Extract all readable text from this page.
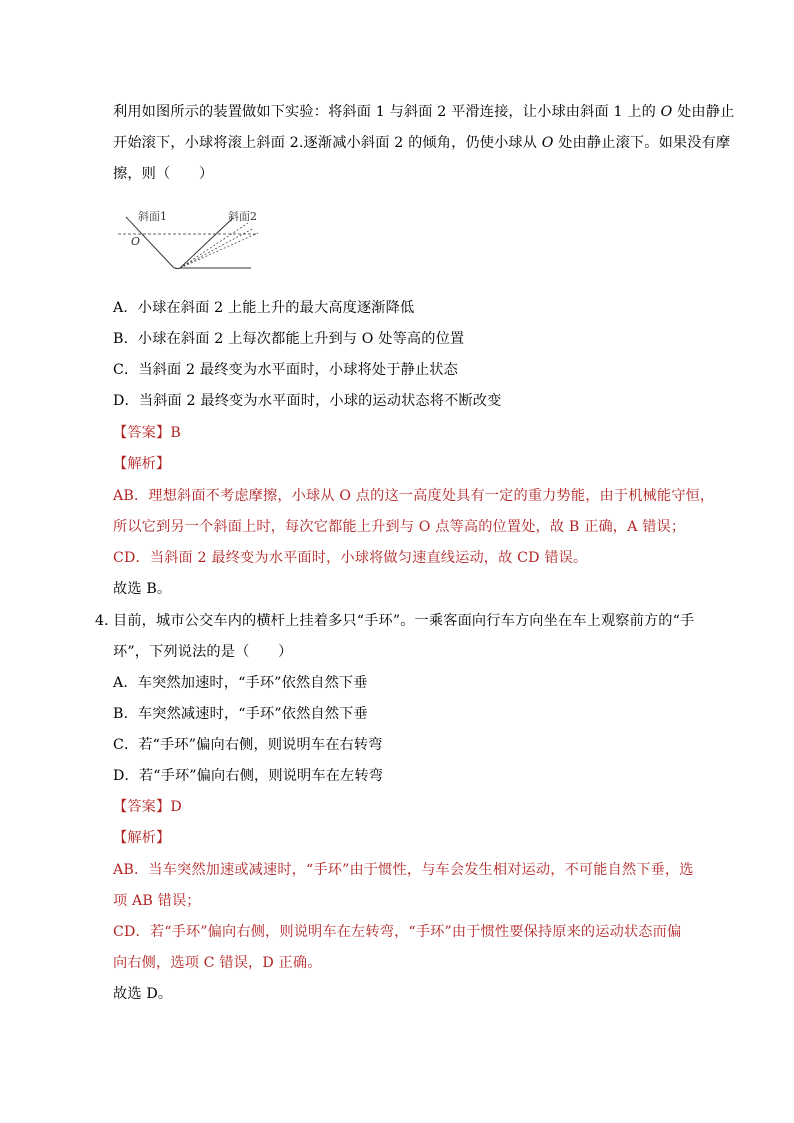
利用如图所示的装置做如下实验：将斜面 1 与斜面 2 平滑连接，让小球由斜面 1 上的 O 处由静止
开始滚下，小球将滚上斜面 2.逐渐减小斜面 2 的倾角，仍使小球从 O 处由静止滚下。如果没有摩
擦，则（　　）
斜面1	斜面2
O
A．小球在斜面 2 上能上升的最大高度逐渐降低
B．小球在斜面 2 上每次都能上升到与 O 处等高的位置
C．当斜面 2 最终变为水平面时，小球将处于静止状态
D．当斜面 2 最终变为水平面时，小球的运动状态将不断改变
【答案】B
【解析】
AB．理想斜面不考虑摩擦，小球从 O 点的这一高度处具有一定的重力势能，由于机械能守恒，
所以它到另一个斜面上时，每次它都能上升到与 O 点等高的位置处，故 B 正确，A 错误；
CD．当斜面 2 最终变为水平面时，小球将做匀速直线运动，故 CD 错误。
故选 B。
4．
目前，城市公交车内的横杆上挂着多只“手环”。一乘客面向行车方向坐在车上观察前方的“手
环”，下列说法的是（　　）
A．车突然加速时，“手环”依然自然下垂
B．车突然减速时，“手环”依然自然下垂
C．若“手环”偏向右侧，则说明车在右转弯
D．若“手环”偏向右侧，则说明车在左转弯
【答案】D
【解析】
AB．当车突然加速或减速时，“手环”由于惯性，与车会发生相对运动，不可能自然下垂，选
项 AB 错误；
CD．若“手环”偏向右侧，则说明车在左转弯，“手环”由于惯性要保持原来的运动状态而偏
向右侧，选项 C 错误，D 正确。
故选 D。
